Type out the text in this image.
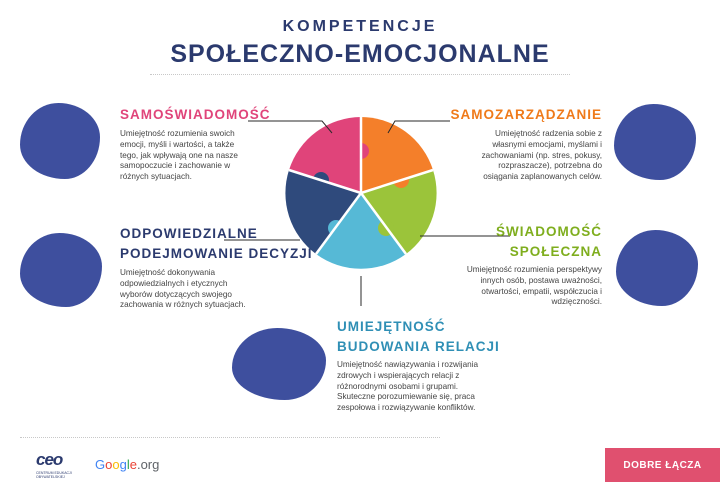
KOMPETENCJE
SPOŁECZNO-EMOCJONALNE
SAMOŚWIADOMOŚĆ
Umiejętność rozumienia swoich emocji, myśli i wartości, a także tego, jak wpływają one na nasze samopoczucie i zachowanie w różnych sytuacjach.
SAMOZARZĄDZANIE
Umiejętność radzenia sobie z własnymi emocjami, myślami i zachowaniami (np. stres, pokusy, rozpraszacze), potrzebna do osiągania zaplanowanych celów.
ODPOWIEDZIALNE
PODEJMOWANIE DECYZJI
Umiejętność dokonywania odpowiedzialnych i etycznych wyborów dotyczących swojego zachowania w różnych sytuacjach.
ŚWIADOMOŚĆ
SPOŁECZNA
Umiejętność rozumienia perspektywy innych osób, postawa uważności, otwartości, empatii, współczucia i wdzięczności.
UMIEJĘTNOŚĆ
BUDOWANIA RELACJI
Umiejętność nawiązywania i rozwijania zdrowych i wspierających relacji z różnorodnymi osobami i grupami. Skuteczne porozumiewanie się, praca zespołowa i rozwiązywanie konfliktów.
ceo
CENTRUM EDUKACJI OBYWATELSKIEJ
Google.org	DOBRE ŁĄCZA
